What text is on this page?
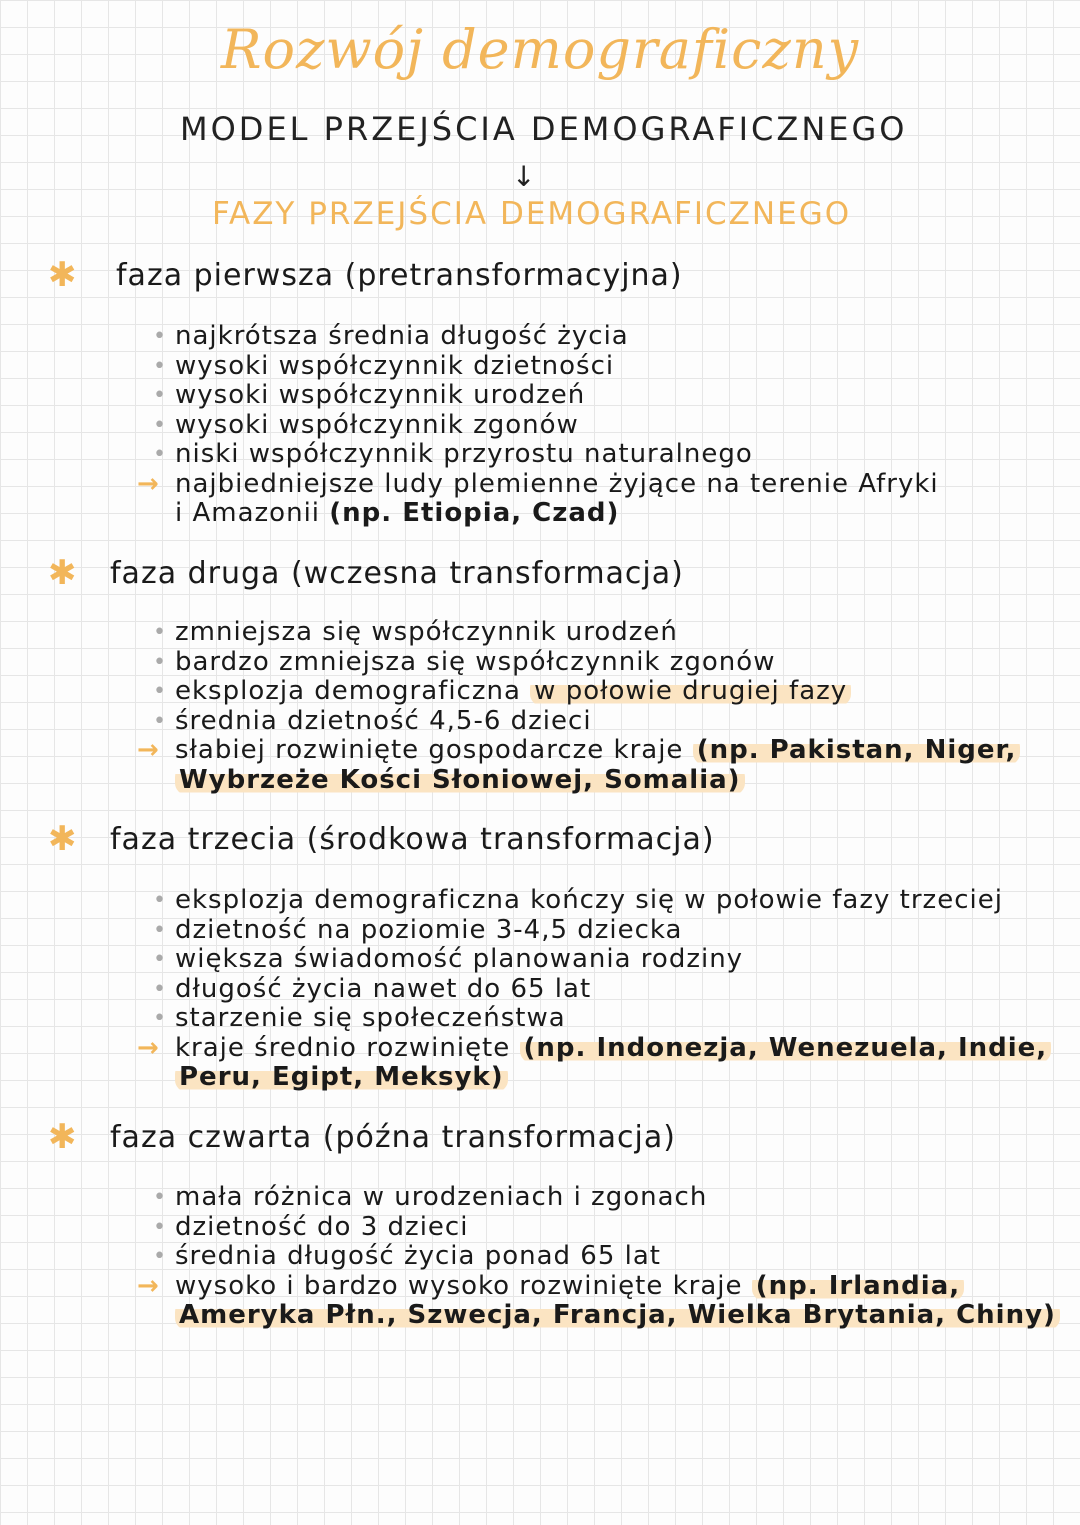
Rozwój demograficzny
MODEL PRZEJŚCIA DEMOGRAFICZNEGO
↓
FAZY PRZEJŚCIA DEMOGRAFICZNEGO
✱ faza pierwsza (pretransformacyjna)
• najkrótsza średnia długość życia
• wysoki współczynnik dzietności
• wysoki współczynnik urodzeń
• wysoki współczynnik zgonów
• niski współczynnik przyrostu naturalnego
→ najbiedniejsze ludy plemienne żyjące na terenie Afryki
i Amazonii (np. Etiopia, Czad)
✱ faza druga (wczesna transformacja)
• zmniejsza się współczynnik urodzeń
• bardzo zmniejsza się współczynnik zgonów
• eksplozja demograficzna w połowie drugiej fazy
• średnia dzietność 4,5-6 dzieci
→ słabiej rozwinięte gospodarcze kraje (np. Pakistan, Niger,
Wybrzeże Kości Słoniowej, Somalia)
✱ faza trzecia (środkowa transformacja)
• eksplozja demograficzna kończy się w połowie fazy trzeciej
• dzietność na poziomie 3-4,5 dziecka
• większa świadomość planowania rodziny
• długość życia nawet do 65 lat
• starzenie się społeczeństwa
→ kraje średnio rozwinięte (np. Indonezja, Wenezuela, Indie,
Peru, Egipt, Meksyk)
✱ faza czwarta (późna transformacja)
• mała różnica w urodzeniach i zgonach
• dzietność do 3 dzieci
• średnia długość życia ponad 65 lat
→ wysoko i bardzo wysoko rozwinięte kraje (np. Irlandia,
Ameryka Płn., Szwecja, Francja, Wielka Brytania, Chiny)
